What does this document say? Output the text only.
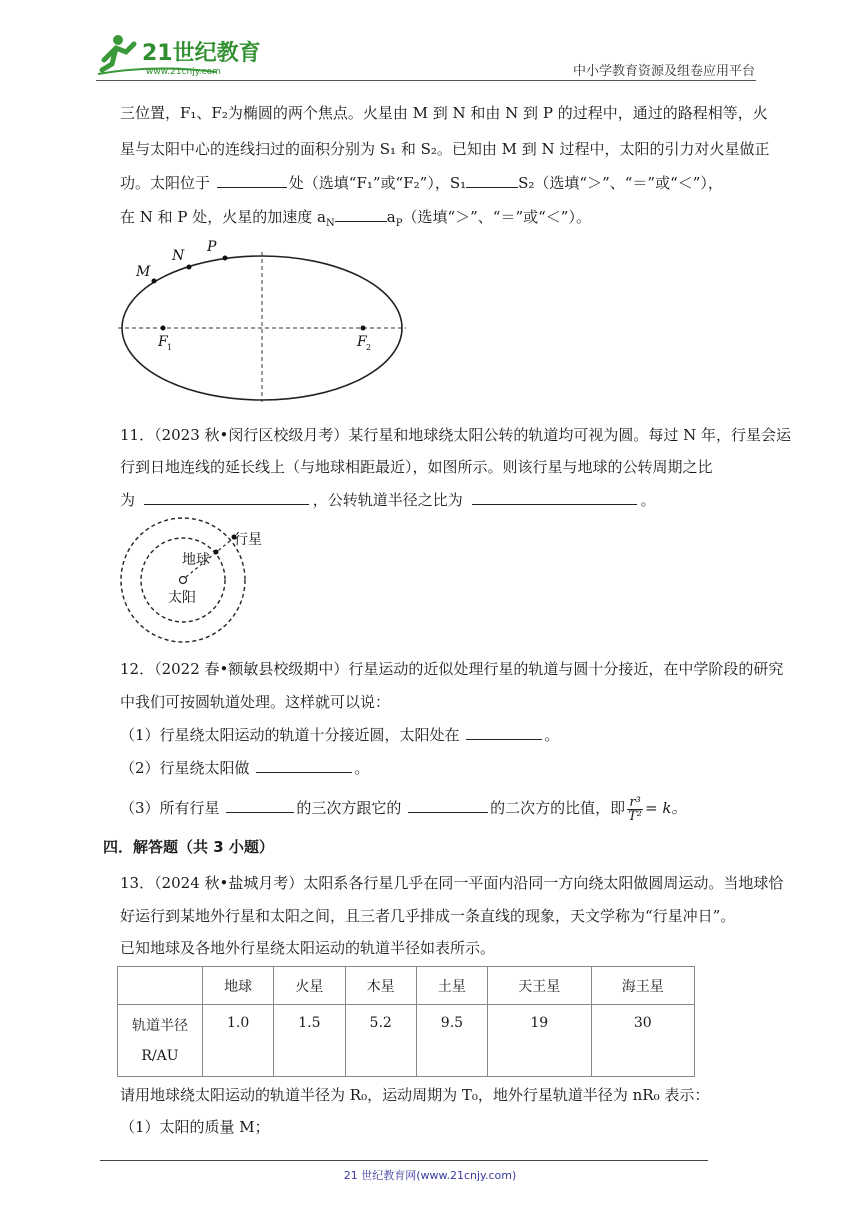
21世纪教育
www.21cnjy.com	中小学教育资源及组卷应用平台
三位置，F₁、F₂为椭圆的两个焦点。火星由 M 到 N 和由 N 到 P 的过程中，通过的路程相等，火
星与太阳中心的连线扫过的面积分别为 S₁ 和 S₂。已知由 M 到 N 过程中，太阳的引力对火星做正
功。太阳位于	处（选填“F₁”或“F₂”），S₁	S₂（选填“＞”、“＝”或“＜”），
在 N 和 P 处，火星的加速度 $a_N$	$a_P$（选填“＞”、“＝”或“＜”）。
M
N
P
F 1	F 2
11．（2023 秋•闵行区校级月考）某行星和地球绕太阳公转的轨道均可视为圆。每过 N 年，行星会运
行到日地连线的延长线上（与地球相距最近），如图所示。则该行星与地球的公转周期之比
为	，公转轨道半径之比为	。
行星
地球
太阳
12．（2022 春•额敏县校级期中）行星运动的近似处理行星的轨道与圆十分接近，在中学阶段的研究
中我们可按圆轨道处理。这样就可以说：
（1）行星绕太阳运动的轨道十分接近圆，太阳处在	。
（2）行星绕太阳做	。
（3）所有行星	的三次方跟它的	的二次方的比值，即 $\frac{\text{r³}}{\text{T²}} = k$。
四．解答题（共 3 小题）
13．（2024 秋•盐城月考）太阳系各行星几乎在同一平面内沿同一方向绕太阳做圆周运动。当地球恰
好运行到某地外行星和太阳之间，且三者几乎排成一条直线的现象，天文学称为“行星冲日”。
已知地球及各地外行星绕太阳运动的轨道半径如表所示。
	地球	火星	木星	土星	天王星	海王星

轨道半径
R/AU	1.0	1.5	5.2	9.5	19	30
请用地球绕太阳运动的轨道半径为 R₀，运动周期为 T₀，地外行星轨道半径为 nR₀ 表示：
（1）太阳的质量 M；
21 世纪教育网(www.21cnjy.com)
